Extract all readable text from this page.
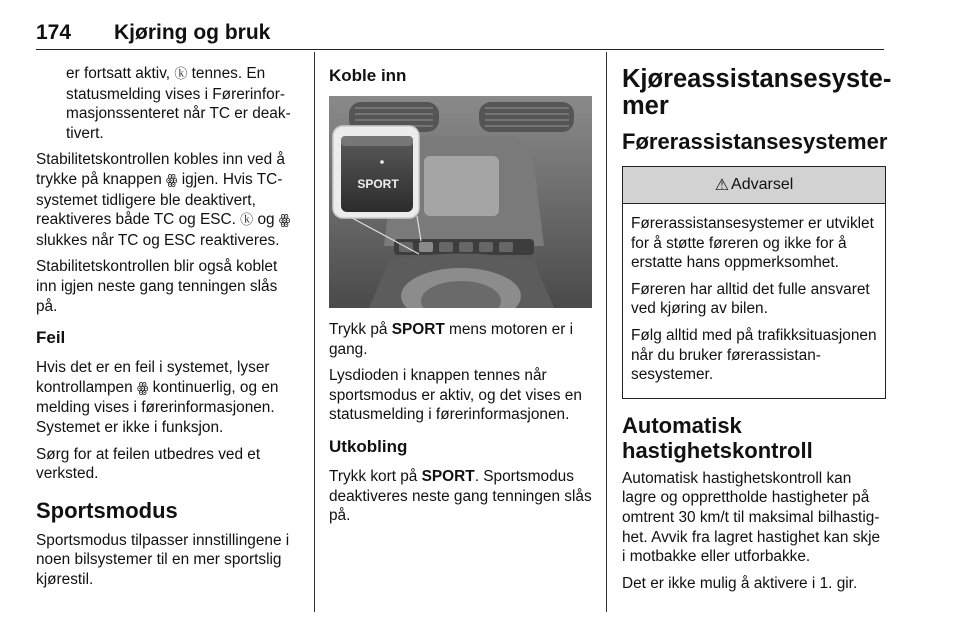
174 Kjøring og bruk

er fortsatt aktiv, ⓚ tennes. En statusmelding vises i Førerinformasjonssenteret når TC er deaktivert.

Stabilitetskontrollen kobles inn ved å trykke på knappen ꙮ igjen. Hvis TC-systemet tidligere ble deaktivert, reaktiveres både TC og ESC. ⓚ og ꙮ slukkes når TC og ESC reaktiveres.

Stabilitetskontrollen blir også koblet inn igjen neste gang tenningen slås på.

Feil

Hvis det er en feil i systemet, lyser kontrollampen ꙮ kontinuerlig, og en melding vises i førerinformasjonen. Systemet er ikke i funksjon.

Sørg for at feilen utbedres ved et verksted.

Sportsmodus

Sportsmodus tilpasser innstillingene i noen bilsystemer til en mer sportslig kjørestil.

Koble inn
SPORT

Trykk på SPORT mens motoren er i gang.

Lysdioden i knappen tennes når sportsmodus er aktiv, og det vises en statusmelding i førerinformasjonen.

Utkobling

Trykk kort på SPORT. Sportsmodus deaktiveres neste gang tenningen slås på.

Kjøreassistansesystemer
Førerassistansesystemer
⚠ Advarsel

Førerassistansesystemer er utviklet for å støtte føreren og ikke for å erstatte hans oppmerksomhet.

Føreren har alltid det fulle ansvaret ved kjøring av bilen.

Følg alltid med på trafikksituasjonen når du bruker førerassistansesystemer.

Automatisk hastighetskontroll

Automatisk hastighetskontroll kan lagre og opprettholde hastigheter på omtrent 30 km/t til maksimal bilhastighet. Avvik fra lagret hastighet kan skje i motbakke eller utforbakke.

Det er ikke mulig å aktivere i 1. gir.
